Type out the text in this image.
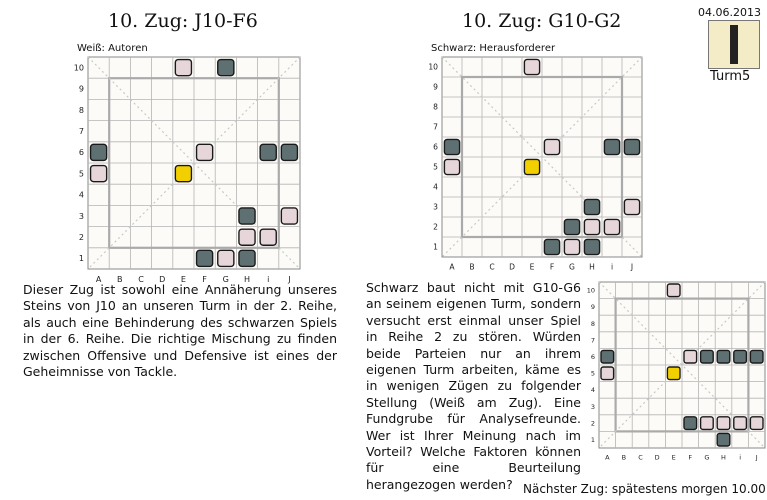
10. Zug: J10-F6
Weiß: Autoren
10
9
8
7
6
5
4
3
2
1
A B C D E F G H i J
Dieser Zug ist sowohl eine Annäherung unseres Steins von J10 an unseren Turm in der 2. Reihe, als auch eine Behinderung des schwarzen Spiels in der 6. Reihe. Die richtige Mischung zu finden zwischen Offensive und Defensive ist eines der Geheimnisse von Tackle.
10. Zug: G10-G2
Schwarz: Herausforderer
10
9
8
7
6
5
4
3
2
1
A B C D E F G H i J
Schwarz baut nicht mit G10-G6 an seinem eigenen Turm, sondern versucht erst einmal unser Spiel in Reihe 2 zu stören. Würden beide Parteien nur an ihrem eigenen Turm arbeiten, käme es in wenigen Zügen zu folgender Stellung (Weiß am Zug). Eine Fundgrube für Analysefreunde. Wer ist Ihrer Meinung nach im Vorteil? Welche Faktoren können für eine Beurteilung herangezogen werden?
10
9
8
7
6
5
4
3
2
1
A B C D E F G H i J
04.06.2013
Turm5
Nächster Zug: spätestens morgen 10.00
